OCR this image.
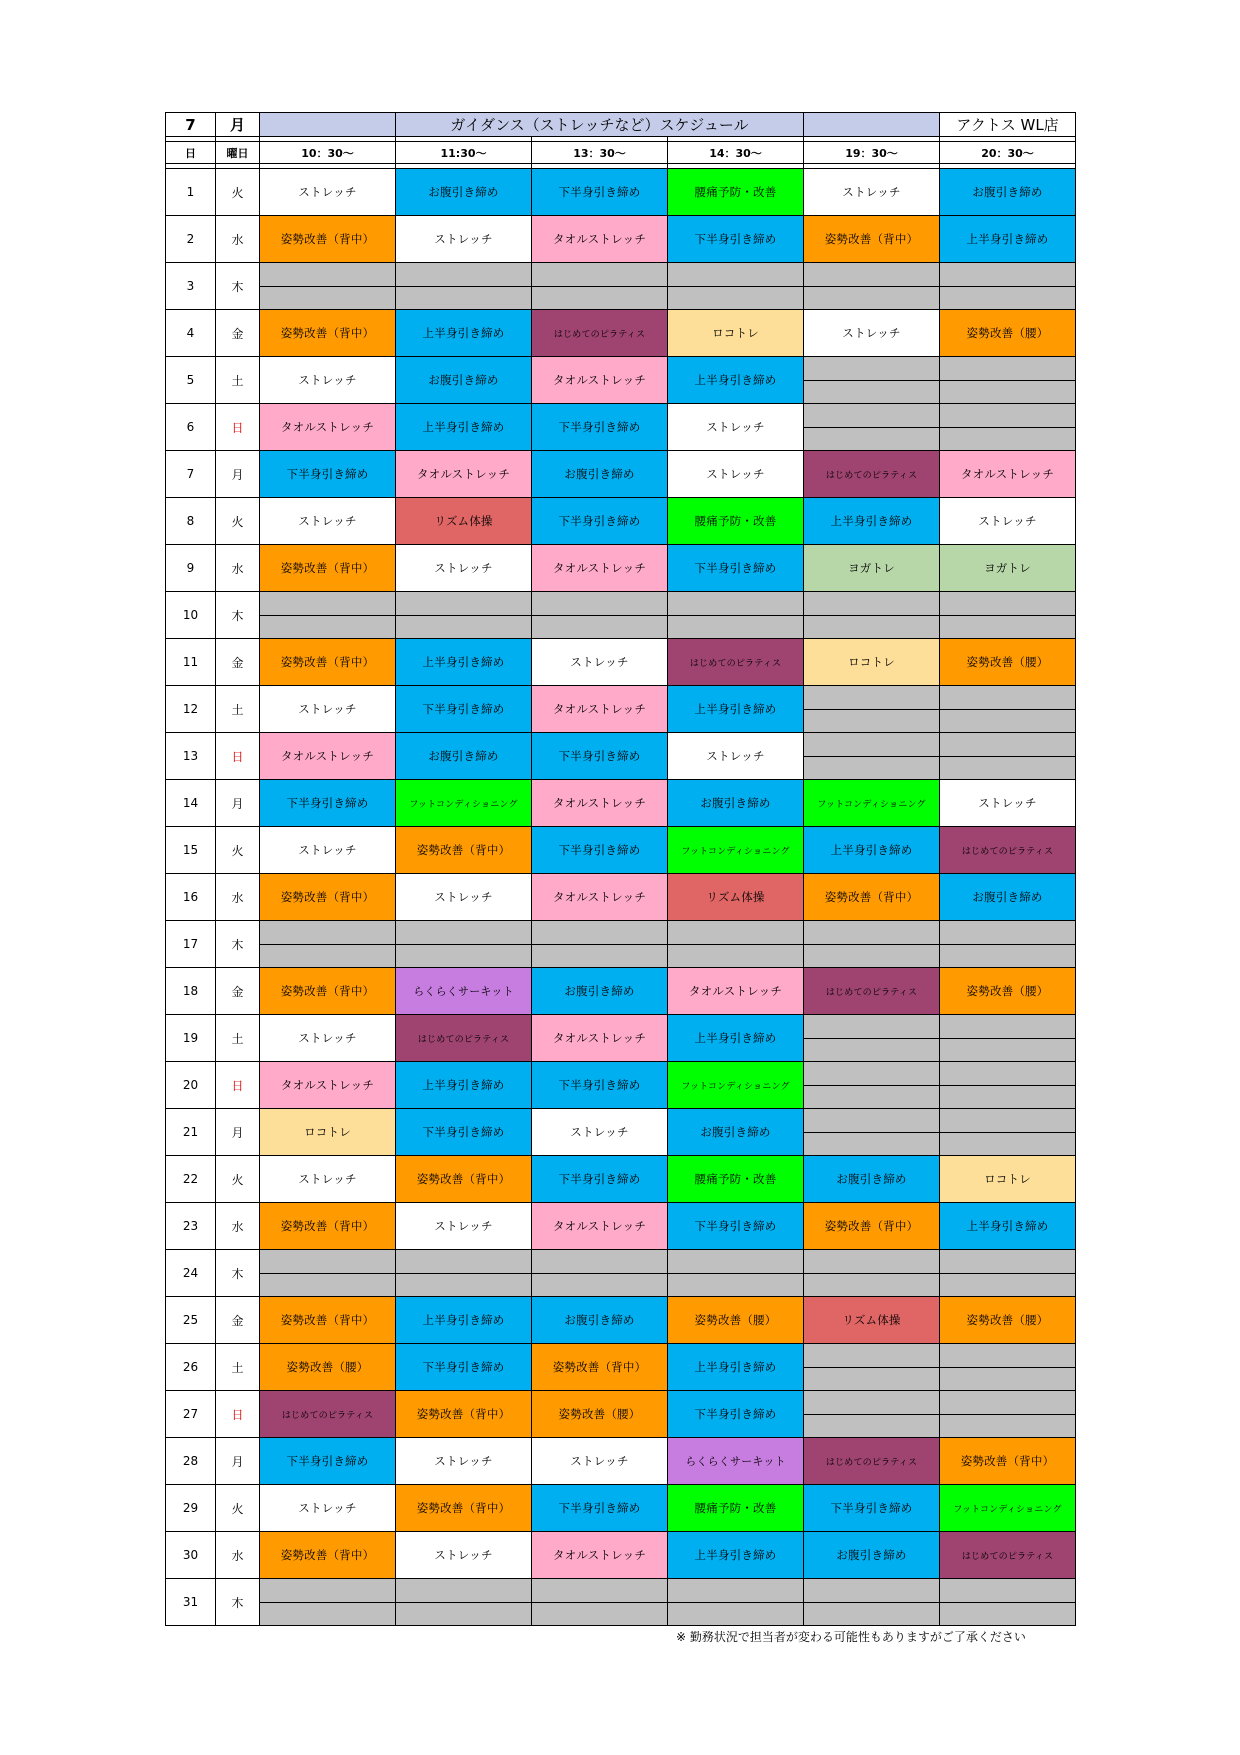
7	月		ガイダンス（ストレッチなど）スケジュール				アクトス WL店

日	曜日	10：30～	11:30～	13：30～	14：30～	19：30～	20：30～

1	火	ストレッチ	お腹引き締め	下半身引き締め	腰痛予防・改善	ストレッチ	お腹引き締め
2	水	姿勢改善（背中）	ストレッチ	タオルストレッチ	下半身引き締め	姿勢改善（背中）	上半身引き締め
3	木	

4	金	姿勢改善（背中）	上半身引き締め	はじめてのピラティス	ロコトレ	ストレッチ	姿勢改善（腰）
5	土	ストレッチ	お腹引き締め	タオルストレッチ	上半身引き締め	

6	日	タオルストレッチ	上半身引き締め	下半身引き締め	ストレッチ	

7	月	下半身引き締め	タオルストレッチ	お腹引き締め	ストレッチ	はじめてのピラティス	タオルストレッチ
8	火	ストレッチ	リズム体操	下半身引き締め	腰痛予防・改善	上半身引き締め	ストレッチ
9	水	姿勢改善（背中）	ストレッチ	タオルストレッチ	下半身引き締め	ヨガトレ	ヨガトレ
10	木	

11	金	姿勢改善（背中）	上半身引き締め	ストレッチ	はじめてのピラティス	ロコトレ	姿勢改善（腰）
12	土	ストレッチ	下半身引き締め	タオルストレッチ	上半身引き締め	

13	日	タオルストレッチ	お腹引き締め	下半身引き締め	ストレッチ	

14	月	下半身引き締め	フットコンディショニング	タオルストレッチ	お腹引き締め	フットコンディショニング	ストレッチ
15	火	ストレッチ	姿勢改善（背中）	下半身引き締め	フットコンディショニング	上半身引き締め	はじめてのピラティス
16	水	姿勢改善（背中）	ストレッチ	タオルストレッチ	リズム体操	姿勢改善（背中）	お腹引き締め
17	木	

18	金	姿勢改善（背中）	らくらくサーキット	お腹引き締め	タオルストレッチ	はじめてのピラティス	姿勢改善（腰）
19	土	ストレッチ	はじめてのピラティス	タオルストレッチ	上半身引き締め	

20	日	タオルストレッチ	上半身引き締め	下半身引き締め	フットコンディショニング	

21	月	ロコトレ	下半身引き締め	ストレッチ	お腹引き締め	

22	火	ストレッチ	姿勢改善（背中）	下半身引き締め	腰痛予防・改善	お腹引き締め	ロコトレ
23	水	姿勢改善（背中）	ストレッチ	タオルストレッチ	下半身引き締め	姿勢改善（背中）	上半身引き締め
24	木	

25	金	姿勢改善（背中）	上半身引き締め	お腹引き締め	姿勢改善（腰）	リズム体操	姿勢改善（腰）
26	土	姿勢改善（腰）	下半身引き締め	姿勢改善（背中）	上半身引き締め	

27	日	はじめてのピラティス	姿勢改善（背中）	姿勢改善（腰）	下半身引き締め	

28	月	下半身引き締め	ストレッチ	ストレッチ	らくらくサーキット	はじめてのピラティス	姿勢改善（背中）
29	火	ストレッチ	姿勢改善（背中）	下半身引き締め	腰痛予防・改善	下半身引き締め	フットコンディショニング
30	水	姿勢改善（背中）	ストレッチ	タオルストレッチ	上半身引き締め	お腹引き締め	はじめてのピラティス
31	木	

※ 勤務状況で担当者が変わる可能性もありますがご了承ください
